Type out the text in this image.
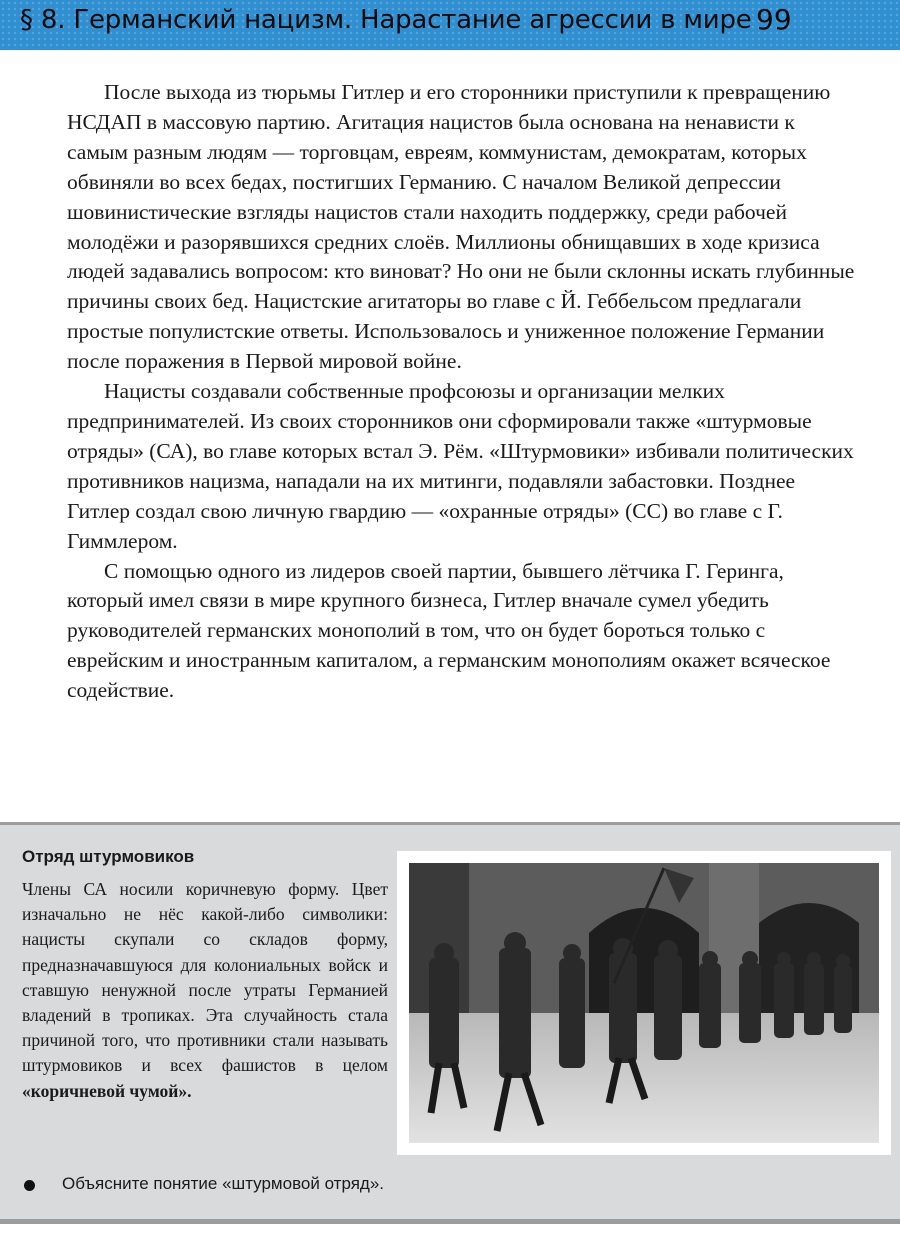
§ 8. Германский нацизм. Нарастание агрессии в мире 99

После выхода из тюрьмы Гитлер и его сторонники приступили к превращению НСДАП в массовую партию. Агитация нацистов была основана на ненависти к самым разным людям — торговцам, евреям, коммунистам, демократам, которых обвиняли во всех бедах, постигших Германию. С началом Великой депрессии шовинистические взгляды нацистов стали находить поддержку, среди рабочей молодёжи и разорявшихся средних слоёв. Миллионы обнищавших в ходе кризиса людей задавались вопросом: кто виноват? Но они не были склонны искать глубинные причины своих бед. Нацистские агитаторы во главе с Й. Геббельсом предлагали простые популистские ответы. Использовалось и униженное положение Германии после поражения в Первой мировой войне.

Нацисты создавали собственные профсоюзы и организации мелких предпринимателей. Из своих сторонников они сформировали также «штурмовые отряды» (СА), во главе которых встал Э. Рём. «Штурмовики» избивали политических противников нацизма, нападали на их митинги, подавляли забастовки. Позднее Гитлер создал свою личную гвардию — «охранные отряды» (СС) во главе с Г. Гиммлером.

С помощью одного из лидеров своей партии, бывшего лётчика Г. Геринга, который имел связи в мире крупного бизнеса, Гитлер вначале сумел убедить руководителей германских монополий в том, что он будет бороться только с еврейским и иностранным капиталом, а германским монополиям окажет всяческое содействие.

Отряд штурмовиков
Члены СА носили коричневую форму. Цвет изначально не нёс какой-либо символики: нацисты скупали со складов форму, предназначавшуюся для колониальных войск и ставшую ненужной после утраты Германией владений в тропиках. Эта случайность стала причиной того, что противники стали называть штурмовиков и всех фашистов в целом «коричневой чумой».
Объясните понятие «штурмовой отряд».
